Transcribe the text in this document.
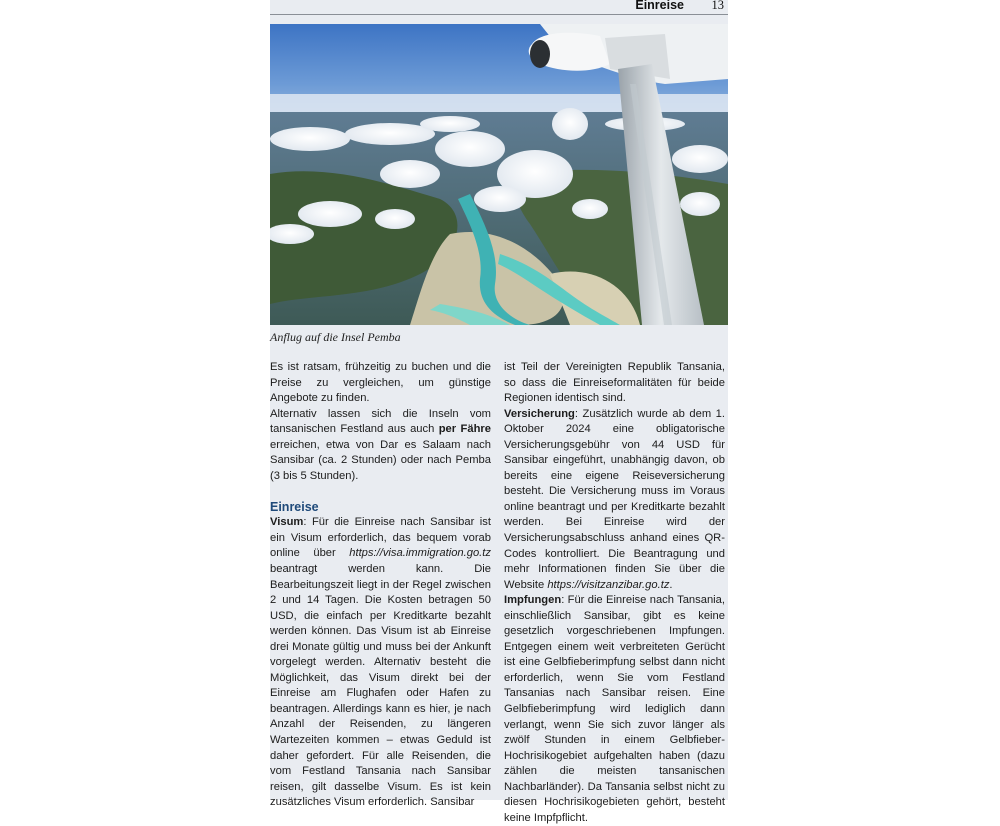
Einreise 13
Anflug auf die Insel Pemba

Es ist ratsam, frühzeitig zu buchen und die Preise zu vergleichen, um günstige Angebote zu finden.

Alternativ lassen sich die Inseln vom tansanischen Festland aus auch per Fähre erreichen, etwa von Dar es Salaam nach Sansibar (ca. 2 Stunden) oder nach Pemba (3 bis 5 Stunden).

Einreise

Visum: Für die Einreise nach Sansibar ist ein Visum erforderlich, das bequem vorab online über https://visa.immigration.go.tz beantragt werden kann. Die Bearbeitungszeit liegt in der Regel zwischen 2 und 14 Tagen. Die Kosten betragen 50 USD, die einfach per Kreditkarte bezahlt werden können. Das Visum ist ab Einreise drei Monate gültig und muss bei der Ankunft vorgelegt werden. Alternativ besteht die Möglichkeit, das Visum direkt bei der Einreise am Flughafen oder Hafen zu beantragen. Allerdings kann es hier, je nach Anzahl der Reisenden, zu längeren Wartezeiten kommen – etwas Geduld ist daher gefordert. Für alle Reisenden, die vom Festland Tansania nach Sansibar reisen, gilt dasselbe Visum. Es ist kein zusätzliches Visum erforderlich. Sansibar

ist Teil der Vereinigten Republik Tansania, so dass die Einreiseformalitäten für beide Regionen identisch sind.

Versicherung: Zusätzlich wurde ab dem 1. Oktober 2024 eine obligatorische Versicherungsgebühr von 44 USD für Sansibar eingeführt, unabhängig davon, ob bereits eine eigene Reiseversicherung besteht. Die Versicherung muss im Voraus online beantragt und per Kreditkarte bezahlt werden. Bei Einreise wird der Versicherungsabschluss anhand eines QR-Codes kontrolliert. Die Beantragung und mehr Informationen finden Sie über die Website https://visitzanzibar.go.tz.

Impfungen: Für die Einreise nach Tansania, einschließlich Sansibar, gibt es keine gesetzlich vorgeschriebenen Impfungen. Entgegen einem weit verbreiteten Gerücht ist eine Gelbfieberimpfung selbst dann nicht erforderlich, wenn Sie vom Festland Tansanias nach Sansibar reisen. Eine Gelbfieberimpfung wird lediglich dann verlangt, wenn Sie sich zuvor länger als zwölf Stunden in einem Gelbfieber-Hochrisikogebiet aufgehalten haben (dazu zählen die meisten tansanischen Nachbarländer). Da Tansania selbst nicht zu diesen Hochrisikogebieten gehört, besteht keine Impfpflicht.
